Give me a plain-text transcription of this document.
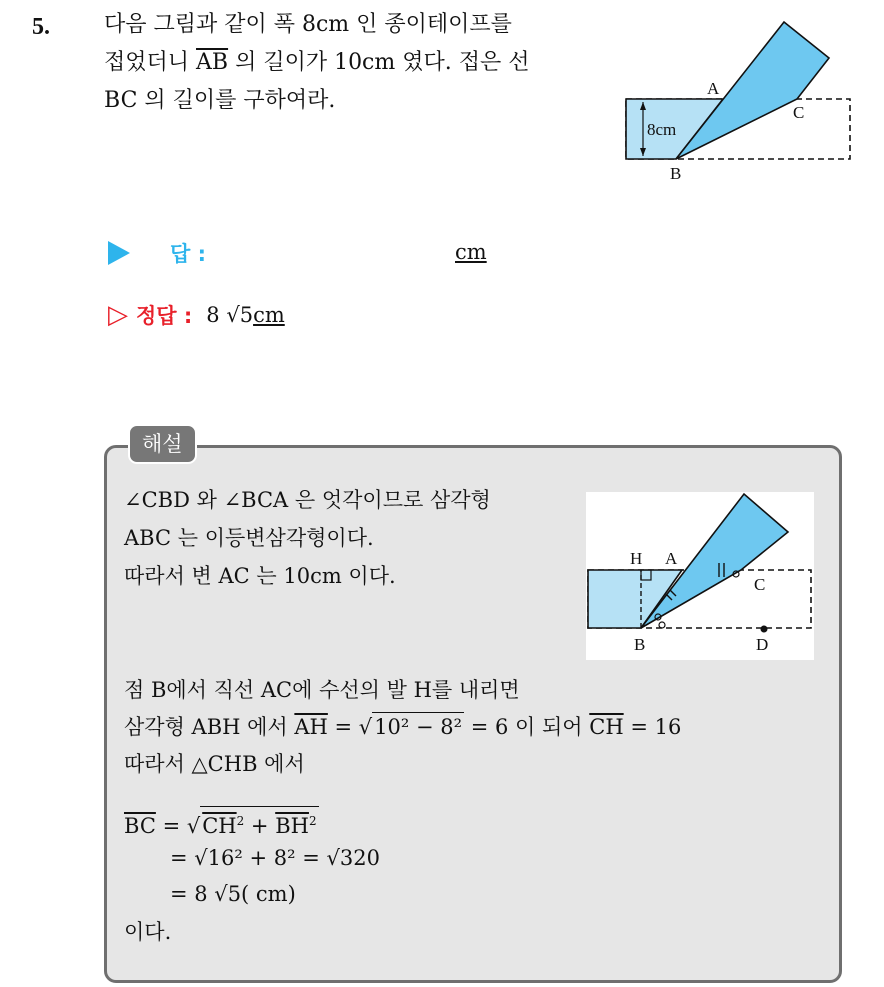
5. 다음 그림과 같이 폭 8cm 인 종이테이프를
접었더니 $\overline{AB}$ 의 길이가 10cm 였다. 접은 선
BC 의 길이를 구하여라.
8cm
A
C
B
답 :	cm
▷ 정답 : 8 √5cm
해설
∠CBD 와 ∠BCA 은 엇각이므로 삼각형
ABC 는 이등변삼각형이다.
따라서 변 AC 는 10cm 이다.
H A
C
B	D
점 B에서 직선 AC에 수선의 발 H를 내리면
삼각형 ABH 에서 $\overline{AH} = √10^2 - 8^2 = 6$ 이 되어 $\overline{CH} = 16$
따라서 △CHB 에서
$\overline{BC} = √CH^2 + \overline{BH}^2$
= √16² + 8² = √320
= 8 √5( cm)
이다.
